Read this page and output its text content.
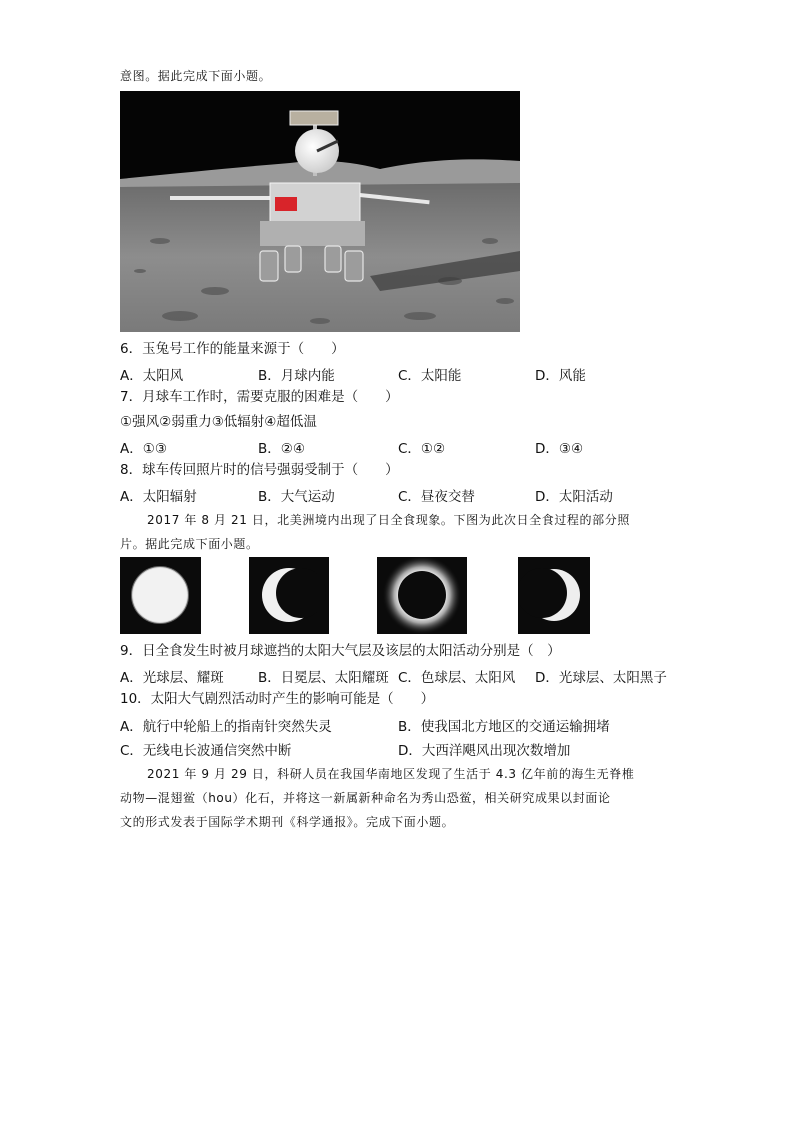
意图。据此完成下面小题。
6．玉兔号工作的能量来源于（　　）
A．太阳风	B．月球内能	C．太阳能	D．风能
7．月球车工作时，需要克服的困难是（　　）
①强风②弱重力③低辐射④超低温
A．①③	B．②④	C．①②	D．③④
8．球车传回照片时的信号强弱受制于（　　）
A．太阳辐射	B．大气运动	C．昼夜交替	D．太阳活动
2017 年 8 月 21 日，北美洲境内出现了日全食现象。下图为此次日全食过程的部分照
片。据此完成下面小题。
9．日全食发生时被月球遮挡的太阳大气层及该层的太阳活动分别是（　）
A．光球层、耀斑	B．日冕层、太阳耀斑 C．色球层、太阳风 D．光球层、太阳黑子
10．太阳大气剧烈活动时产生的影响可能是（　　）
A．航行中轮船上的指南针突然失灵	B．使我国北方地区的交通运输拥堵
C．无线电长波通信突然中断	D．大西洋飓风出现次数增加
2021 年 9 月 29 日，科研人员在我国华南地区发现了生活于 4.3 亿年前的海生无脊椎
动物—混翅鲎（hou）化石，并将这一新属新种命名为秀山恐鲎，相关研究成果以封面论
文的形式发表于国际学术期刊《科学通报》。完成下面小题。
